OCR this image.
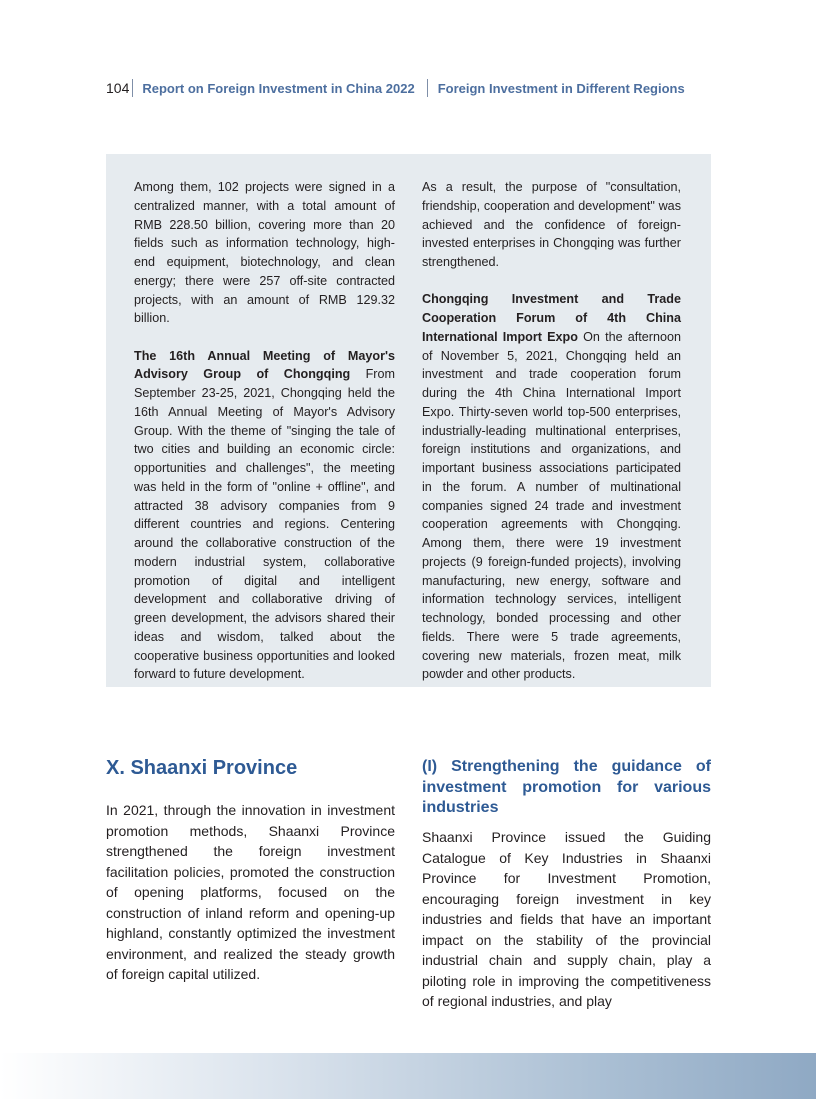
104 Report on Foreign Investment in China 2022 Foreign Investment in Different Regions

Among them, 102 projects were signed in a centralized manner, with a total amount of RMB 228.50 billion, covering more than 20 fields such as information technology, high-end equipment, biotechnology, and clean energy; there were 257 off-site contracted projects, with an amount of RMB 129.32 billion.

The 16th Annual Meeting of Mayor's Advisory Group of Chongqing From September 23-25, 2021, Chongqing held the 16th Annual Meeting of Mayor's Advisory Group. With the theme of "singing the tale of two cities and building an economic circle: opportunities and challenges", the meeting was held in the form of "online + offline", and attracted 38 advisory companies from 9 different countries and regions. Centering around the collaborative construction of the modern industrial system, collaborative promotion of digital and intelligent development and collaborative driving of green development, the advisors shared their ideas and wisdom, talked about the cooperative business opportunities and looked forward to future development.

As a result, the purpose of "consultation, friendship, cooperation and development" was achieved and the confidence of foreign-invested enterprises in Chongqing was further strengthened.

Chongqing Investment and Trade Cooperation Forum of 4th China International Import Expo On the afternoon of November 5, 2021, Chongqing held an investment and trade cooperation forum during the 4th China International Import Expo. Thirty-seven world top-500 enterprises, industrially-leading multinational enterprises, foreign institutions and organizations, and important business associations participated in the forum. A number of multinational companies signed 24 trade and investment cooperation agreements with Chongqing. Among them, there were 19 investment projects (9 foreign-funded projects), involving manufacturing, new energy, software and information technology services, intelligent technology, bonded processing and other fields. There were 5 trade agreements, covering new materials, frozen meat, milk powder and other products.

X. Shaanxi Province

In 2021, through the innovation in investment promotion methods, Shaanxi Province strengthened the foreign investment facilitation policies, promoted the construction of opening platforms, focused on the construction of inland reform and opening-up highland, constantly optimized the investment environment, and realized the steady growth of foreign capital utilized.

(I) Strengthening the guidance of investment promotion for various industries

Shaanxi Province issued the Guiding Catalogue of Key Industries in Shaanxi Province for Investment Promotion, encouraging foreign investment in key industries and fields that have an important impact on the stability of the provincial industrial chain and supply chain, play a piloting role in improving the competitiveness of regional industries, and play
